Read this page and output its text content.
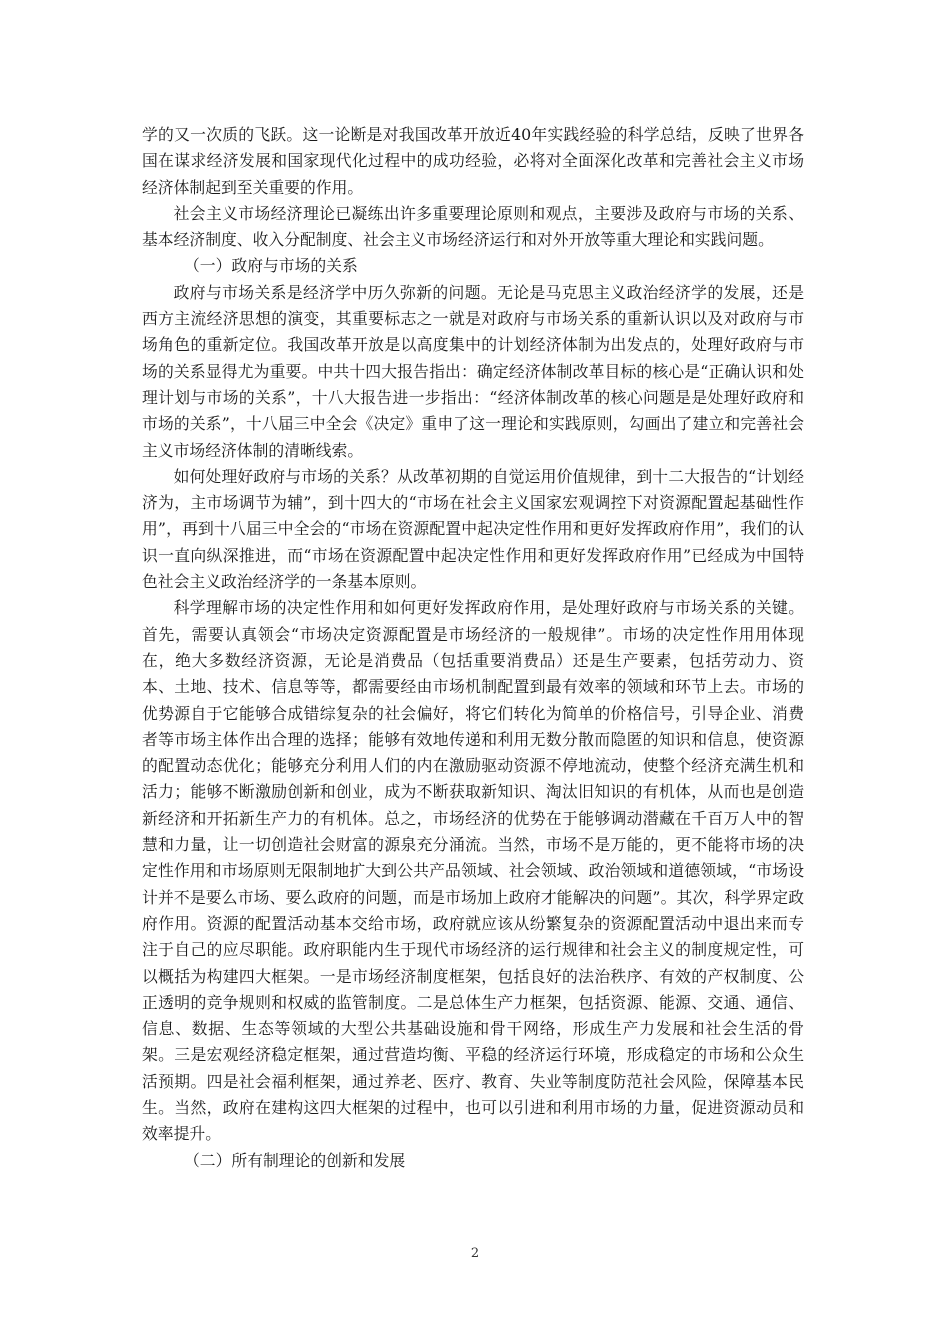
学的又一次质的飞跃。这一论断是对我国改革开放近40年实践经验的科学总结，反映了世界各国在谋求经济发展和国家现代化过程中的成功经验，必将对全面深化改革和完善社会主义市场经济体制起到至关重要的作用。

社会主义市场经济理论已凝练出许多重要理论原则和观点，主要涉及政府与市场的关系、基本经济制度、收入分配制度、社会主义市场经济运行和对外开放等重大理论和实践问题。

（一）政府与市场的关系

政府与市场关系是经济学中历久弥新的问题。无论是马克思主义政治经济学的发展，还是西方主流经济思想的演变，其重要标志之一就是对政府与市场关系的重新认识以及对政府与市场角色的重新定位。我国改革开放是以高度集中的计划经济体制为出发点的，处理好政府与市场的关系显得尤为重要。中共十四大报告指出：确定经济体制改革目标的核心是“正确认识和处理计划与市场的关系”，十八大报告进一步指出：“经济体制改革的核心问题是是处理好政府和市场的关系”，十八届三中全会《决定》重申了这一理论和实践原则，勾画出了建立和完善社会主义市场经济体制的清晰线索。

如何处理好政府与市场的关系？从改革初期的自觉运用价值规律，到十二大报告的“计划经济为，主市场调节为辅”，到十四大的“市场在社会主义国家宏观调控下对资源配置起基础性作用”，再到十八届三中全会的“市场在资源配置中起决定性作用和更好发挥政府作用”，我们的认识一直向纵深推进，而“市场在资源配置中起决定性作用和更好发挥政府作用”已经成为中国特色社会主义政治经济学的一条基本原则。

科学理解市场的决定性作用和如何更好发挥政府作用，是处理好政府与市场关系的关键。首先，需要认真领会“市场决定资源配置是市场经济的一般规律”。市场的决定性作用用体现在，绝大多数经济资源，无论是消费品（包括重要消费品）还是生产要素，包括劳动力、资本、土地、技术、信息等等，都需要经由市场机制配置到最有效率的领域和环节上去。市场的优势源自于它能够合成错综复杂的社会偏好，将它们转化为简单的价格信号，引导企业、消费者等市场主体作出合理的选择；能够有效地传递和利用无数分散而隐匿的知识和信息，使资源的配置动态优化；能够充分利用人们的内在激励驱动资源不停地流动，使整个经济充满生机和活力；能够不断激励创新和创业，成为不断获取新知识、淘汰旧知识的有机体，从而也是创造新经济和开拓新生产力的有机体。总之，市场经济的优势在于能够调动潜藏在千百万人中的智慧和力量，让一切创造社会财富的源泉充分涌流。当然，市场不是万能的，更不能将市场的决定性作用和市场原则无限制地扩大到公共产品领域、社会领域、政治领域和道德领域，“市场设计并不是要么市场、要么政府的问题，而是市场加上政府才能解决的问题”。其次，科学界定政府作用。资源的配置活动基本交给市场，政府就应该从纷繁复杂的资源配置活动中退出来而专注于自己的应尽职能。政府职能内生于现代市场经济的运行规律和社会主义的制度规定性，可以概括为构建四大框架。一是市场经济制度框架，包括良好的法治秩序、有效的产权制度、公正透明的竞争规则和权威的监管制度。二是总体生产力框架，包括资源、能源、交通、通信、信息、数据、生态等领域的大型公共基础设施和骨干网络，形成生产力发展和社会生活的骨架。三是宏观经济稳定框架，通过营造均衡、平稳的经济运行环境，形成稳定的市场和公众生活预期。四是社会福利框架，通过养老、医疗、教育、失业等制度防范社会风险，保障基本民生。当然，政府在建构这四大框架的过程中，也可以引进和利用市场的力量，促进资源动员和效率提升。

（二）所有制理论的创新和发展

2
